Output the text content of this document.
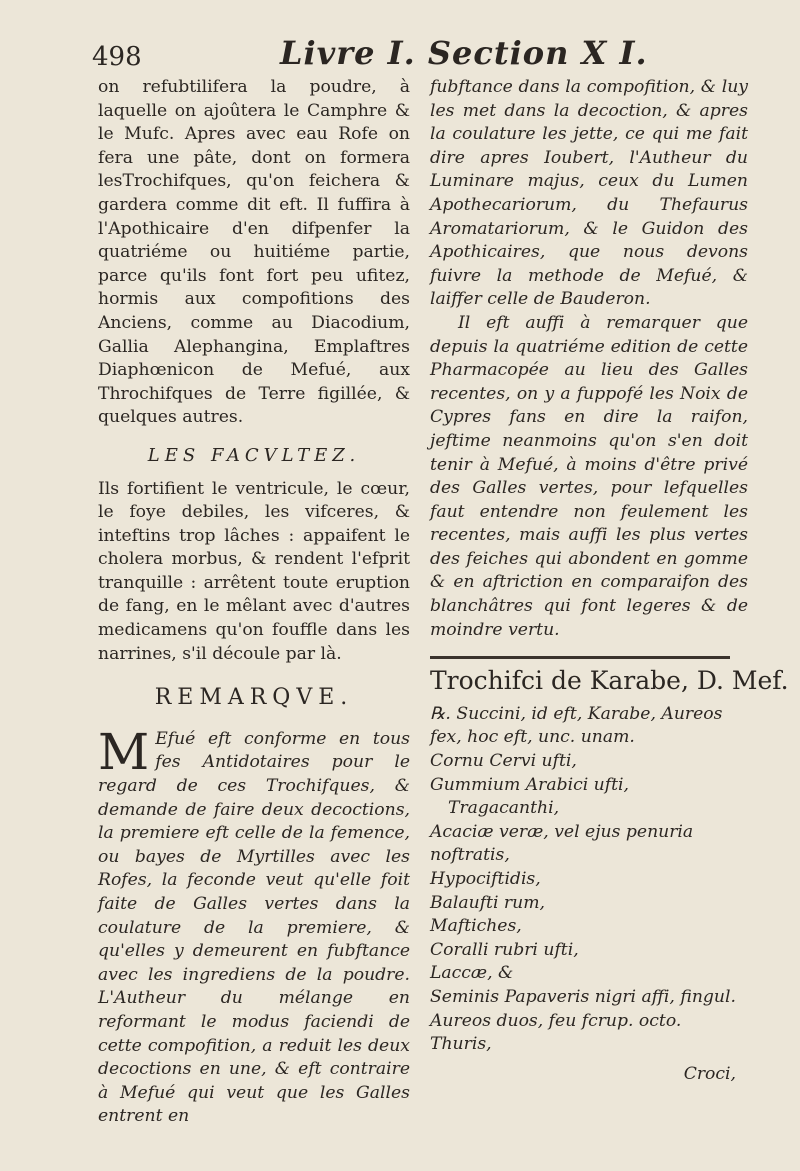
498	Livre I. Section X I.

on refubtilifera la poudre, à laquelle on ajoûtera le Camphre & le Mufc. Apres avec eau Rofe on fera une pâte, dont on formera lesTrochifques, qu'on feichera & gardera comme dit eft. Il fuffira à l'Apothicaire d'en difpenfer la quatriéme ou huitiéme partie, parce qu'ils font fort peu ufitez, hormis aux compofitions des Anciens, comme au Diacodium, Gallia Alephangina, Emplaftres Diaphœnicon de Mefué, aux Throchifques de Terre figillée, & quelques autres.

LES FACVLTEZ.

Ils fortifient le ventricule, le cœur, le foye debiles, les vifceres, & inteftins trop lâches : appaifent le cholera morbus, & rendent l'efprit tranquille : arrêtent toute eruption de fang, en le mêlant avec d'autres medicamens qu'on fouffle dans les narrines, s'il découle par là.

REMARQVE.

M Efué eft conforme en tous fes Antidotaires pour le regard de ces Trochifques, & demande de faire deux decoctions, la premiere eft celle de la femence, ou bayes de Myrtilles avec les Rofes, la feconde veut qu'elle foit faite de Galles vertes dans la coulature de la premiere, & qu'elles y demeurent en fubftance avec les ingrediens de la poudre. L'Autheur du mélange en reformant le modus faciendi de cette compofition, a reduit les deux decoctions en une, & eft contraire à Mefué qui veut que les Galles entrent en

fubftance dans la compofition, & luy les met dans la decoction, & apres la coulature les jette, ce qui me fait dire apres Ioubert, l'Autheur du Luminare majus, ceux du Lumen Apothecariorum, du Thefaurus Aromatariorum, & le Guidon des Apothicaires, que nous devons fuivre la methode de Mefué, & laiffer celle de Bauderon.

Il eft auffi à remarquer que depuis la quatriéme edition de cette Pharmacopée au lieu des Galles recentes, on y a fuppofé les Noix de Cypres fans en dire la raifon, jeftime neanmoins qu'on s'en doit tenir à Mefué, à moins d'être privé des Galles vertes, pour lefquelles faut entendre non feulement les recentes, mais auffi les plus vertes des feiches qui abondent en gomme & en aftriction en comparaifon des blanchâtres qui font legeres & de moindre vertu.

Trochifci de Karabe, D. Mef.

℞. Succini, id eft, Karabe, Aureos fex, hoc eft, unc. unam.

Cornu Cervi ufti,

Gummium Arabici ufti,

Tragacanthi,

Acaciæ veræ, vel ejus penuria noftratis,

Hypociftidis,

Balaufti rum,

Maftiches,

Coralli rubri ufti,

Laccæ, &

Seminis Papaveris nigri affi, fingul.

Aureos duos, feu fcrup. octo.

Thuris,

Croci,
